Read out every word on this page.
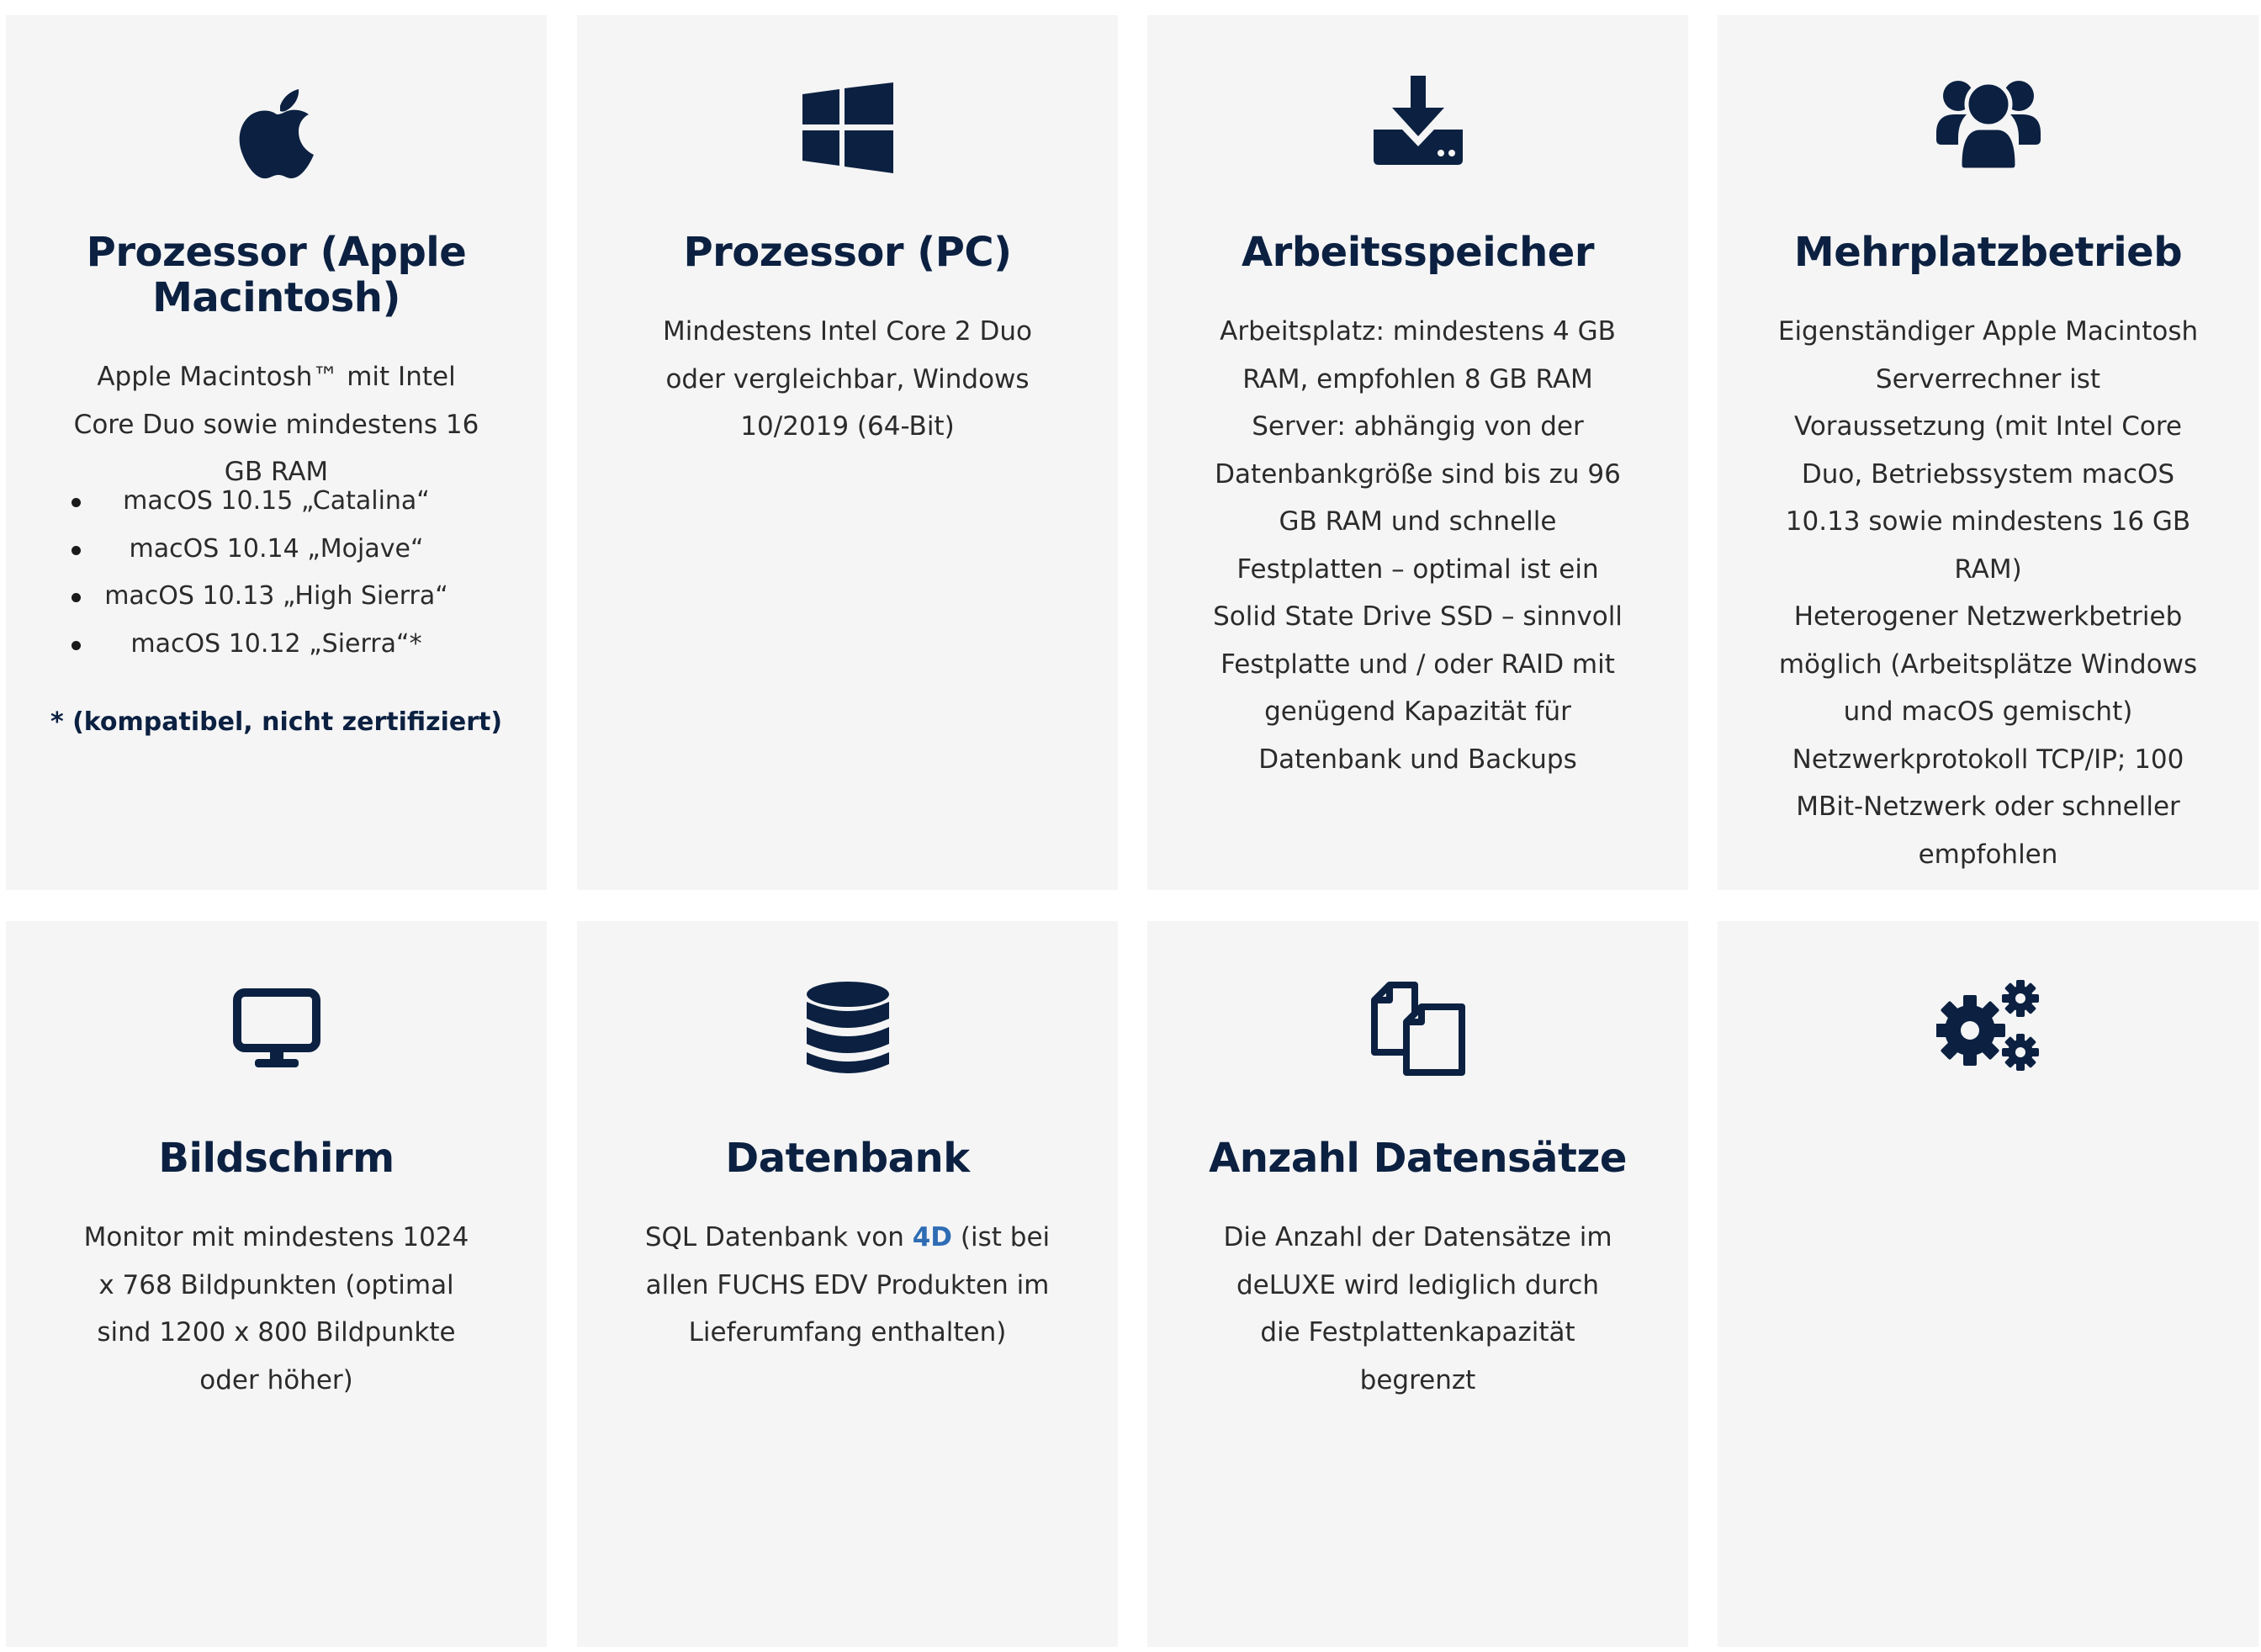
Prozessor (Apple Macintosh)

Apple Macintosh™ mit Intel Core Duo sowie mindestens 16 GB RAM

macOS 10.15 „Catalina“
macOS 10.14 „Mojave“
macOS 10.13 „High Sierra“
macOS 10.12 „Sierra“*
* (kompatibel, nicht zertifiziert)
Prozessor (PC)

Mindestens Intel Core 2 Duo oder vergleichbar, Windows 10/2019 (64-Bit)

Arbeitsspeicher

Arbeitsplatz: mindestens 4 GB RAM, empfohlen 8 GB RAM

Server: abhängig von der Datenbankgröße sind bis zu 96 GB RAM und schnelle Festplatten – optimal ist ein Solid State Drive SSD – sinnvoll

Festplatte und / oder RAID mit genügend Kapazität für Datenbank und Backups

Mehrplatzbetrieb

Eigenständiger Apple Macintosh Serverrechner ist Voraussetzung (mit Intel Core Duo, Betriebssystem macOS 10.13 sowie mindestens 16 GB RAM)

Heterogener Netzwerkbetrieb möglich (Arbeitsplätze Windows und macOS gemischt)

Netzwerkprotokoll TCP/IP; 100 MBit-Netzwerk oder schneller empfohlen

Bildschirm

Monitor mit mindestens 1024 x 768 Bildpunkten (optimal sind 1200 x 800 Bildpunkte oder höher)

Datenbank

SQL Datenbank von 4D (ist bei allen FUCHS EDV Produkten im Lieferumfang enthalten)

Anzahl Datensätze

Die Anzahl der Datensätze im deLUXE wird lediglich durch die Festplattenkapazität begrenzt
